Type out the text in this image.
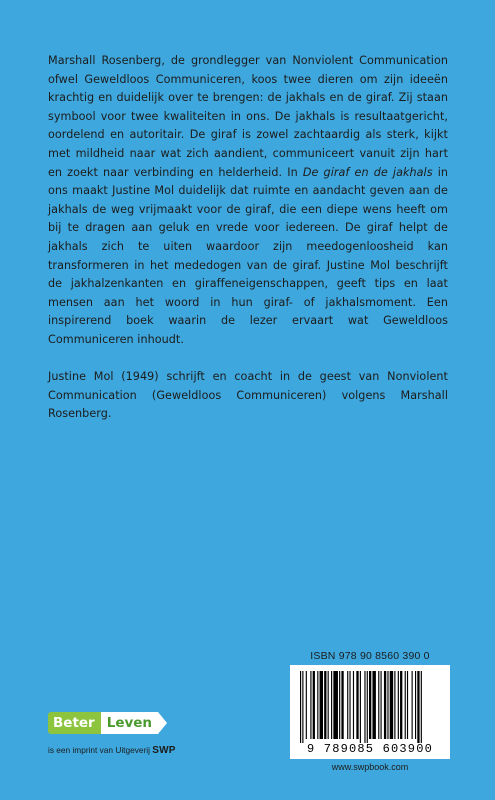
Marshall Rosenberg, de grondlegger van Nonviolent Communication ofwel Geweldloos Communiceren, koos twee dieren om zijn ideeën krachtig en duidelijk over te brengen: de jakhals en de giraf. Zij staan symbool voor twee kwaliteiten in ons. De jakhals is resultaatgericht, oordelend en autoritair. De giraf is zowel zachtaardig als sterk, kijkt met mildheid naar wat zich aandient, communiceert vanuit zijn hart en zoekt naar verbinding en helderheid. In De giraf en de jakhals in ons maakt Justine Mol duidelijk dat ruimte en aandacht geven aan de jakhals de weg vrijmaakt voor de giraf, die een diepe wens heeft om bij te dragen aan geluk en vrede voor iedereen. De giraf helpt de jakhals zich te uiten waardoor zijn meedogenloosheid kan transformeren in het mededogen van de giraf. Justine Mol beschrijft de jakhalzenkanten en giraffeneigenschappen, geeft tips en laat mensen aan het woord in hun giraf- of jakhalsmoment. Een inspirerend boek waarin de lezer ervaart wat Geweldloos Communiceren inhoudt.

Justine Mol (1949) schrijft en coacht in de geest van Nonviolent Communication (Geweldloos Communiceren) volgens Marshall Rosenberg.

ISBN 978 90 8560 390 0
9 789085 603900
www.swpbook.com
Beter Leven
is een imprint van Uitgeverij SWP
